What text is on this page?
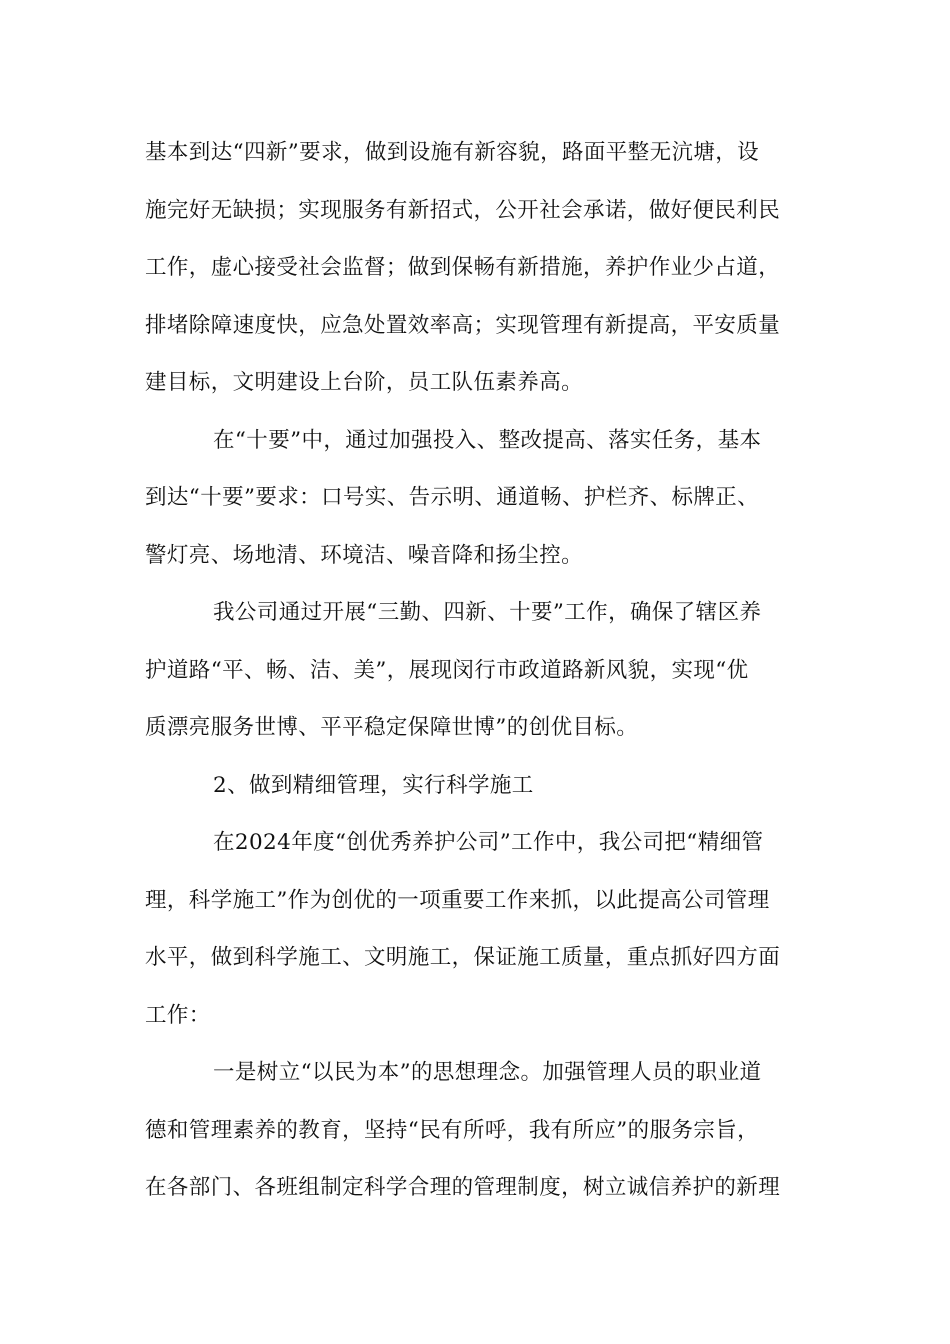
基本到达“四新”要求，做到设施有新容貌，路面平整无沆塘，设
施完好无缺损；实现服务有新招式，公开社会承诺，做好便民利民
工作，虚心接受社会监督；做到保畅有新措施，养护作业少占道，
排堵除障速度快，应急处置效率高；实现管理有新提高，平安质量
建目标，文明建设上台阶，员工队伍素养高。
在“十要”中，通过加强投入、整改提高、落实任务，基本
到达“十要”要求：口号实、告示明、通道畅、护栏齐、标牌正、
警灯亮、场地清、环境洁、噪音降和扬尘控。
我公司通过开展“三勤、四新、十要”工作，确保了辖区养
护道路“平、畅、洁、美”，展现闵行市政道路新风貌，实现“优
质漂亮服务世博、平平稳定保障世博”的创优目标。
2、做到精细管理，实行科学施工
在2024年度“创优秀养护公司”工作中，我公司把“精细管
理，科学施工”作为创优的一项重要工作来抓，以此提高公司管理
水平，做到科学施工、文明施工，保证施工质量，重点抓好四方面
工作：
一是树立“以民为本”的思想理念。加强管理人员的职业道
德和管理素养的教育，坚持“民有所呼，我有所应”的服务宗旨，
在各部门、各班组制定科学合理的管理制度，树立诚信养护的新理
